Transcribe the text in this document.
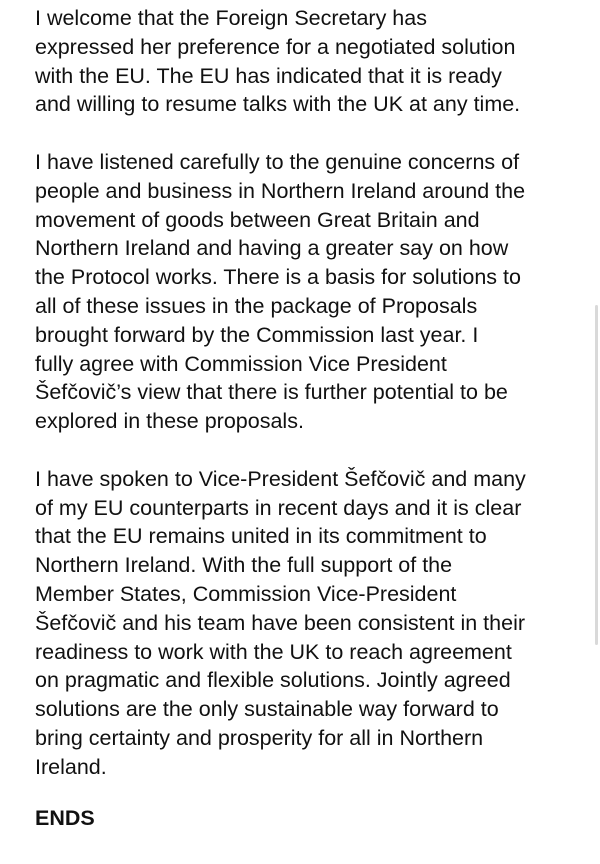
I welcome that the Foreign Secretary has
expressed her preference for a negotiated solution
with the EU. The EU has indicated that it is ready
and willing to resume talks with the UK at any time.
I have listened carefully to the genuine concerns of
people and business in Northern Ireland around the
movement of goods between Great Britain and
Northern Ireland and having a greater say on how
the Protocol works. There is a basis for solutions to
all of these issues in the package of Proposals
brought forward by the Commission last year. I
fully agree with Commission Vice President
Šefčovič’s view that there is further potential to be
explored in these proposals.
I have spoken to Vice-President Šefčovič and many
of my EU counterparts in recent days and it is clear
that the EU remains united in its commitment to
Northern Ireland. With the full support of the
Member States, Commission Vice-President
Šefčovič and his team have been consistent in their
readiness to work with the UK to reach agreement
on pragmatic and flexible solutions. Jointly agreed
solutions are the only sustainable way forward to
bring certainty and prosperity for all in Northern
Ireland.
ENDS
